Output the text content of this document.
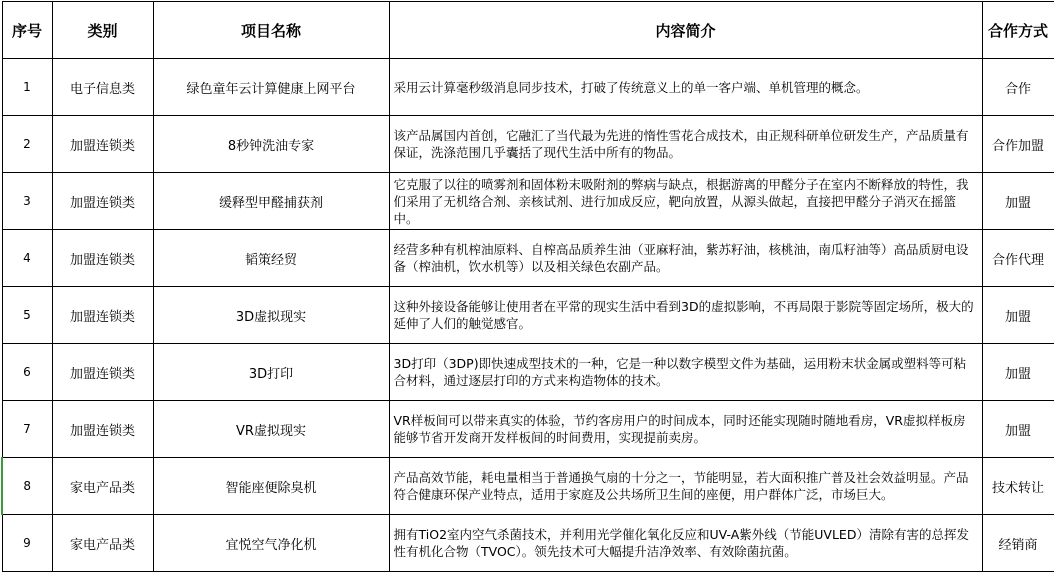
序号	类别	项目名称	内容简介	合作方式
1	电子信息类	绿色童年云计算健康上网平台	采用云计算毫秒级消息同步技术，打破了传统意义上的单一客户端、单机管理的概念。	合作
2	加盟连锁类	8秒钟洗油专家	该产品属国内首创，它融汇了当代最为先进的惰性雪花合成技术，由正规科研单位研发生产，产品质量有保证，洗涤范围几乎囊括了现代生活中所有的物品。	合作加盟
3	加盟连锁类	缓释型甲醛捕获剂	它克服了以往的喷雾剂和固体粉末吸附剂的弊病与缺点，根据游离的甲醛分子在室内不断释放的特性，我们采用了无机络合剂、亲核试剂、进行加成反应，靶向放置，从源头做起，直接把甲醛分子消灭在摇篮中。	加盟
4	加盟连锁类	韬策经贸	经营多种有机榨油原料、自榨高品质养生油（亚麻籽油，紫苏籽油，核桃油，南瓜籽油等）高品质厨电设备（榨油机，饮水机等）以及相关绿色农副产品。	合作代理
5	加盟连锁类	3D虚拟现实	这种外接设备能够让使用者在平常的现实生活中看到3D的虚拟影响，不再局限于影院等固定场所，极大的延伸了人们的触觉感官。	加盟
6	加盟连锁类	3D打印	3D打印（3DP)即快速成型技术的一种，它是一种以数字模型文件为基础，运用粉末状金属或塑料等可粘合材料，通过逐层打印的方式来构造物体的技术。	加盟
7	加盟连锁类	VR虚拟现实	VR样板间可以带来真实的体验，节约客房用户的时间成本，同时还能实现随时随地看房，VR虚拟样板房能够节省开发商开发样板间的时间费用，实现提前卖房。	加盟
8	家电产品类	智能座便除臭机	产品高效节能，耗电量相当于普通换气扇的十分之一，节能明显，若大面积推广普及社会效益明显。产品符合健康环保产业特点，适用于家庭及公共场所卫生间的座便，用户群体广泛，市场巨大。	技术转让
9	家电产品类	宜悦空气净化机	拥有TiO2室内空气杀菌技术，并利用光学催化氧化反应和UV-A紫外线（节能UVLED）清除有害的总挥发性有机化合物（TVOC）。领先技术可大幅提升洁净效率、有效除菌抗菌。	经销商
